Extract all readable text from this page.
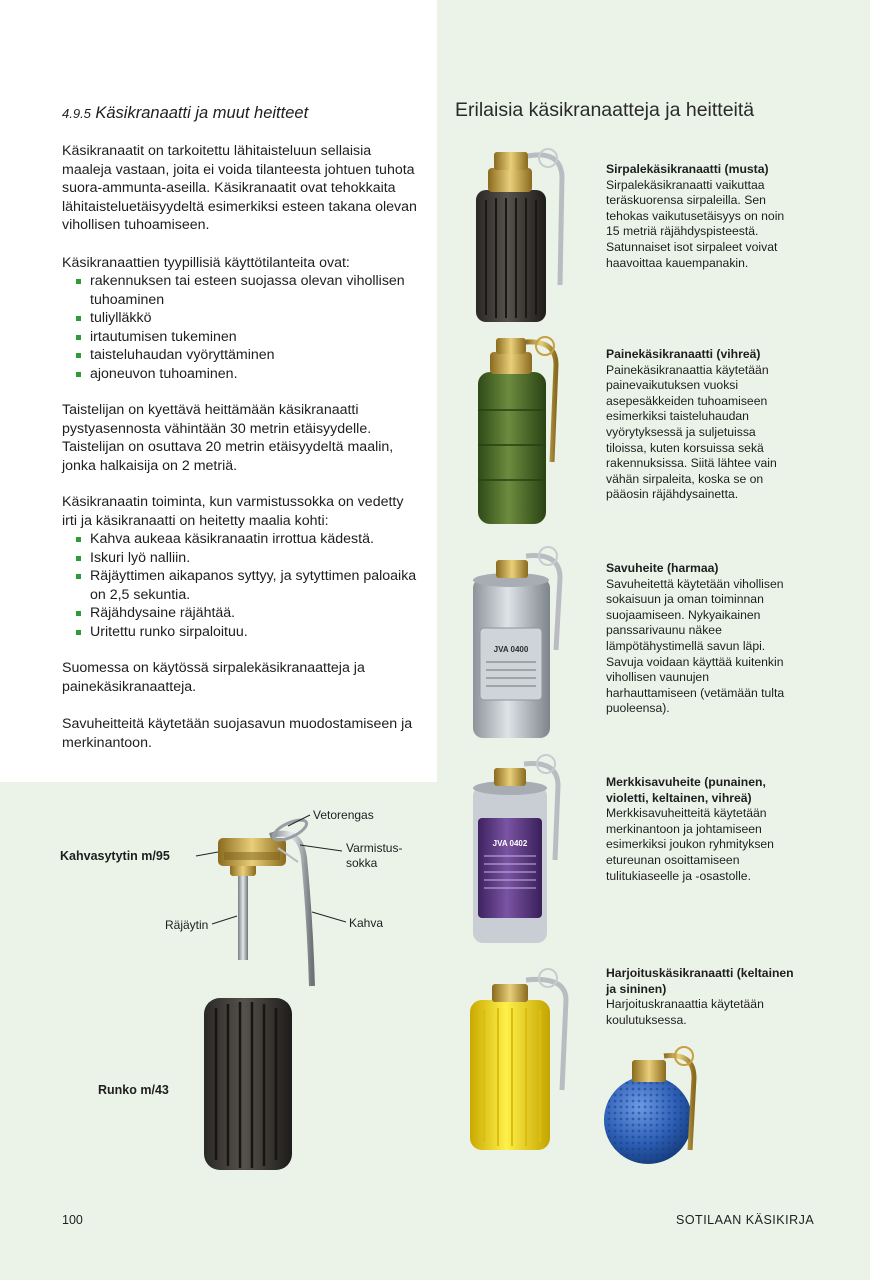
4.9.5 Käsikranaatti ja muut heitteet

Käsikranaatit on tarkoitettu lähitaisteluun sellaisia maaleja vastaan, joita ei voida tilanteesta johtuen tuhota suora-ammunta-aseilla. Käsikranaatit ovat tehokkaita lähitaisteluetäisyydeltä esimerkiksi esteen takana olevan vihollisen tuhoamiseen.

Käsikranaattien tyypillisiä käyttötilanteita ovat:

rakennuksen tai esteen suojassa olevan vihollisen tuhoaminen
tuliylläkkö
irtautumisen tukeminen
taisteluhaudan vyöryttäminen
ajoneuvon tuhoaminen.

Taistelijan on kyettävä heittämään käsikranaatti pystyasennosta vähintään 30 metrin etäisyydelle. Taistelijan on osuttava 20 metrin etäisyydeltä maalin, jonka halkaisija on 2 metriä.

Käsikranaatin toiminta, kun varmistussokka on vedetty irti ja käsikranaatti on heitetty maalia kohti:

Kahva aukeaa käsikranaatin irrottua kädestä.
Iskuri lyö nalliin.
Räjäyttimen aikapanos syttyy, ja sytyttimen paloaika on 2,5 sekuntia.
Räjähdysaine räjähtää.
Uritettu runko sirpaloituu.

Suomessa on käytössä sirpalekäsikranaatteja ja painekäsikranaatteja.

Savuheitteitä käytetään suojasavun muodostamiseen ja merkinantoon.

Erilaisia käsikranaatteja ja heitteitä
Sirpalekäsikranaatti (musta)
Sirpalekäsikranaatti vaikuttaa teräskuorensa sirpaleilla. Sen tehokas vaikutusetäisyys on noin 15 metriä räjähdyspisteestä. Satunnaiset isot sirpaleet voivat haavoittaa kauempanakin.
Painekäsikranaatti (vihreä)
Painekäsikranaattia käytetään painevaikutuksen vuoksi asepesäkkeiden tuhoamiseen esimerkiksi taisteluhaudan vyörytyksessä ja suljetuissa tiloissa, kuten korsuissa sekä rakennuksissa. Siitä lähtee vain vähän sirpaleita, koska se on pääosin räjähdysainetta.
Savuheite (harmaa)
Savuheitettä käytetään vihollisen sokaisuun ja oman toiminnan suojaamiseen. Nykyaikainen panssarivaunu näkee lämpötähystimellä savun läpi. Savuja voidaan käyttää kuitenkin vihollisen vaunujen harhauttamiseen (vetämään tulta puoleensa).
Merkkisavuheite (punainen, violetti, keltainen, vihreä)
Merkkisavuheitteitä käytetään merkinantoon ja johtamiseen esimerkiksi joukon ryhmityksen etureunan osoittamiseen tulitukiaseelle ja -osastolle.
Harjoituskäsikranaatti (keltainen ja sininen)
Harjoituskranaattia käytetään koulutuksessa.
Kahvasytytin m/95
Runko m/43
Vetorengas
Varmistus-sokka
Räjäytin	Kahva
100	SOTILAAN KÄSIKIRJA
JVA 0400
JVA 0402
